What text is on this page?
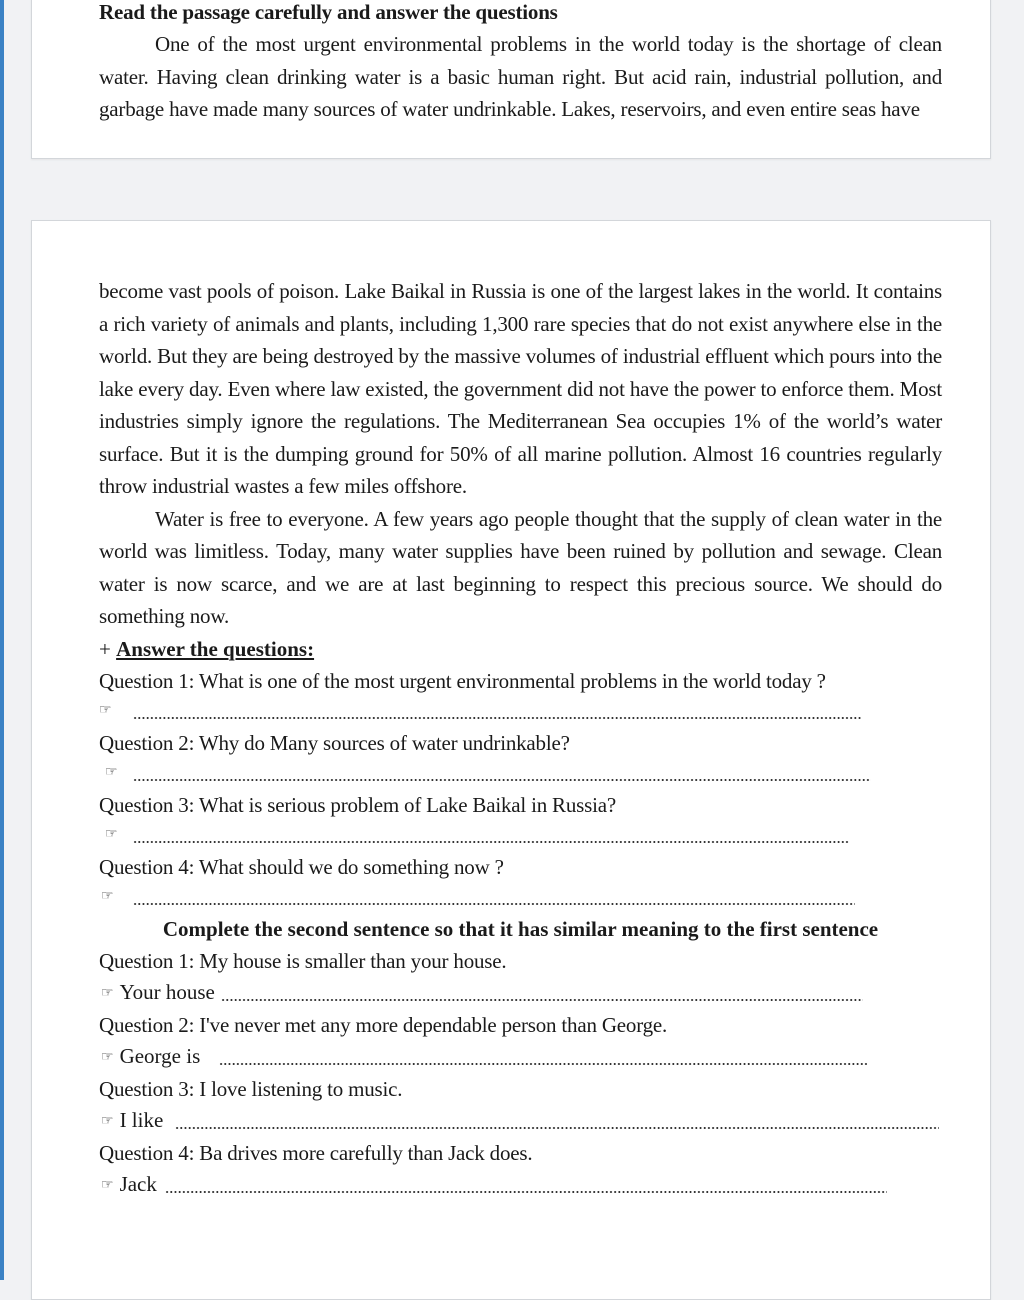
Read the passage carefully and answer the questions

One of the most urgent environmental problems in the world today is the shortage of clean water. Having clean drinking water is a basic human right. But acid rain, industrial pollution, and garbage have made many sources of water undrinkable. Lakes, reservoirs, and even entire seas have

become vast pools of poison. Lake Baikal in Russia is one of the largest lakes in the world. It contains a rich variety of animals and plants, including 1,300 rare species that do not exist anywhere else in the world. But they are being destroyed by the massive volumes of industrial effluent which pours into the lake every day. Even where law existed, the government did not have the power to enforce them. Most industries simply ignore the regulations. The Mediterranean Sea occupies 1% of the world’s water surface. But it is the dumping ground for 50% of all marine pollution. Almost 16 countries regularly throw industrial wastes a few miles offshore.

Water is free to everyone. A few years ago people thought that the supply of clean water in the world was limitless. Today, many water supplies have been ruined by pollution and sewage. Clean water is now scarce, and we are at last beginning to respect this precious source. We should do something now.

+ Answer the questions:

Question 1: What is one of the most urgent environmental problems in the world today ?

☞

Question 2: Why do Many sources of water undrinkable?

☞

Question 3: What is serious problem of Lake Baikal in Russia?

☞

Question 4: What should we do something now ?

☞

Complete the second sentence so that it has similar meaning to the first sentence

Question 1: My house is smaller than your house.

☞ Your house

Question 2: I've never met any more dependable person than George.

☞ George is

Question 3: I love listening to music.

☞ I like

Question 4: Ba drives more carefully than Jack does.

☞ Jack
